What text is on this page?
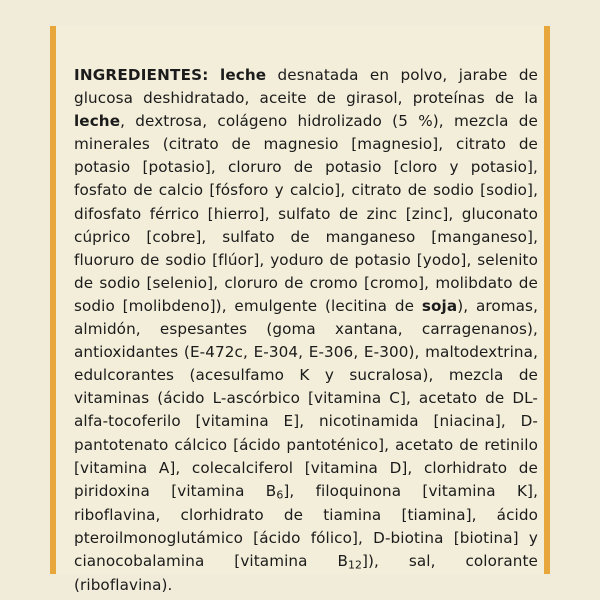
INGREDIENTES: leche desnatada en polvo, jarabe de glucosa deshidratado, aceite de girasol, proteínas de la leche, dextrosa, colágeno hidrolizado (5 %), mezcla de minerales (citrato de magnesio [magnesio], citrato de potasio [potasio], cloruro de potasio [cloro y potasio], fosfato de calcio [fósforo y calcio], citrato de sodio [sodio], difosfato férrico [hierro], sulfato de zinc [zinc], gluconato cúprico [cobre], sulfato de manganeso [manganeso], fluoruro de sodio [flúor], yoduro de potasio [yodo], selenito de sodio [selenio], cloruro de cromo [cromo], molibdato de sodio [molibdeno]), emulgente (lecitina de soja), aromas, almidón, espesantes (goma xantana, carragenanos), antioxidantes (E-472c, E-304, E-306, E-300), maltodextrina, edulcorantes (acesulfamo K y sucralosa), mezcla de vitaminas (ácido L-ascórbico [vitamina C], acetato de DL-alfa-tocoferilo [vitamina E], nicotinamida [niacina], D-pantotenato cálcico [ácido pantoténico], acetato de retinilo [vitamina A], colecalciferol [vitamina D], clorhidrato de piridoxina [vitamina $B_6$], filoquinona [vitamina K], riboflavina, clorhidrato de tiamina [tiamina], ácido pteroilmonoglutámico [ácido fólico], D-biotina [biotina] y cianocobalamina [vitamina $B_{12}$]), sal, colorante (riboflavina).
